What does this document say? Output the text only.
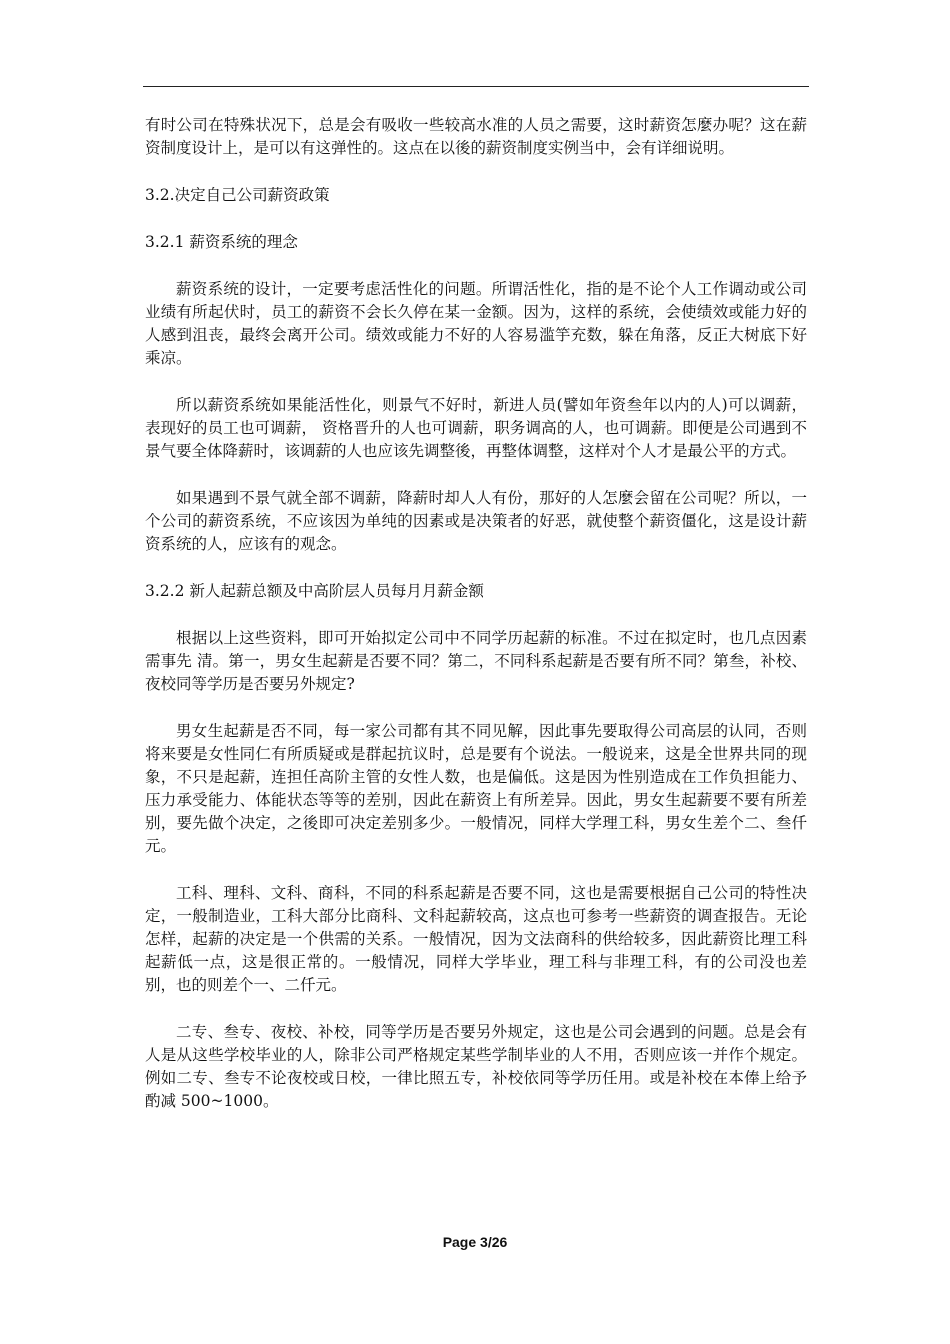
有时公司在特殊状况下，总是会有吸收一些较高水准的人员之需要，这时薪资怎麼办呢？这在薪资制度设计上，是可以有这弹性的。这点在以後的薪资制度实例当中，会有详细说明。

3.2.决定自己公司薪资政策

3.2.1 薪资系统的理念

薪资系统的设计，一定要考虑活性化的问题。所谓活性化，指的是不论个人工作调动或公司业绩有所起伏时，员工的薪资不会长久停在某一金额。因为，这样的系统，会使绩效或能力好的人感到沮丧，最终会离开公司。绩效或能力不好的人容易滥竽充数，躲在角落，反正大树底下好乘凉。

所以薪资系统如果能活性化，则景气不好时，新进人员(譬如年资叁年以内的人)可以调薪，表现好的员工也可调薪， 资格晋升的人也可调薪，职务调高的人，也可调薪。即便是公司遇到不景气要全体降薪时，该调薪的人也应该先调整後，再整体调整，这样对个人才是最公平的方式。

如果遇到不景气就全部不调薪，降薪时却人人有份，那好的人怎麼会留在公司呢？所以，一个公司的薪资系统，不应该因为单纯的因素或是决策者的好恶，就使整个薪资僵化，这是设计薪资系统的人，应该有的观念。

3.2.2 新人起薪总额及中高阶层人员每月月薪金额

根据以上这些资料，即可开始拟定公司中不同学历起薪的标准。不过在拟定时，也几点因素需事先 清。第一，男女生起薪是否要不同？第二，不同科系起薪是否要有所不同？第叁，补校、夜校同等学历是否要另外规定?

男女生起薪是否不同，每一家公司都有其不同见解，因此事先要取得公司高层的认同，否则将来要是女性同仁有所质疑或是群起抗议时，总是要有个说法。一般说来，这是全世界共同的现象，不只是起薪，连担任高阶主管的女性人数，也是偏低。这是因为性别造成在工作负担能力、压力承受能力、体能状态等等的差别，因此在薪资上有所差异。因此，男女生起薪要不要有所差别，要先做个决定，之後即可决定差别多少。一般情况，同样大学理工科，男女生差个二、叁仟元。

工科、理科、文科、商科，不同的科系起薪是否要不同，这也是需要根据自己公司的特性决定，一般制造业，工科大部分比商科、文科起薪较高，这点也可参考一些薪资的调查报告。无论怎样，起薪的决定是一个供需的关系。一般情况，因为文法商科的供给较多，因此薪资比理工科起薪低一点，这是很正常的。一般情况，同样大学毕业，理工科与非理工科，有的公司没也差别，也的则差个一、二仟元。

二专、叁专、夜校、补校，同等学历是否要另外规定，这也是公司会遇到的问题。总是会有人是从这些学校毕业的人，除非公司严格规定某些学制毕业的人不用，否则应该一并作个规定。例如二专、叁专不论夜校或日校，一律比照五专，补校依同等学历任用。或是补校在本俸上给予酌减 500~1000。

Page 3/26
